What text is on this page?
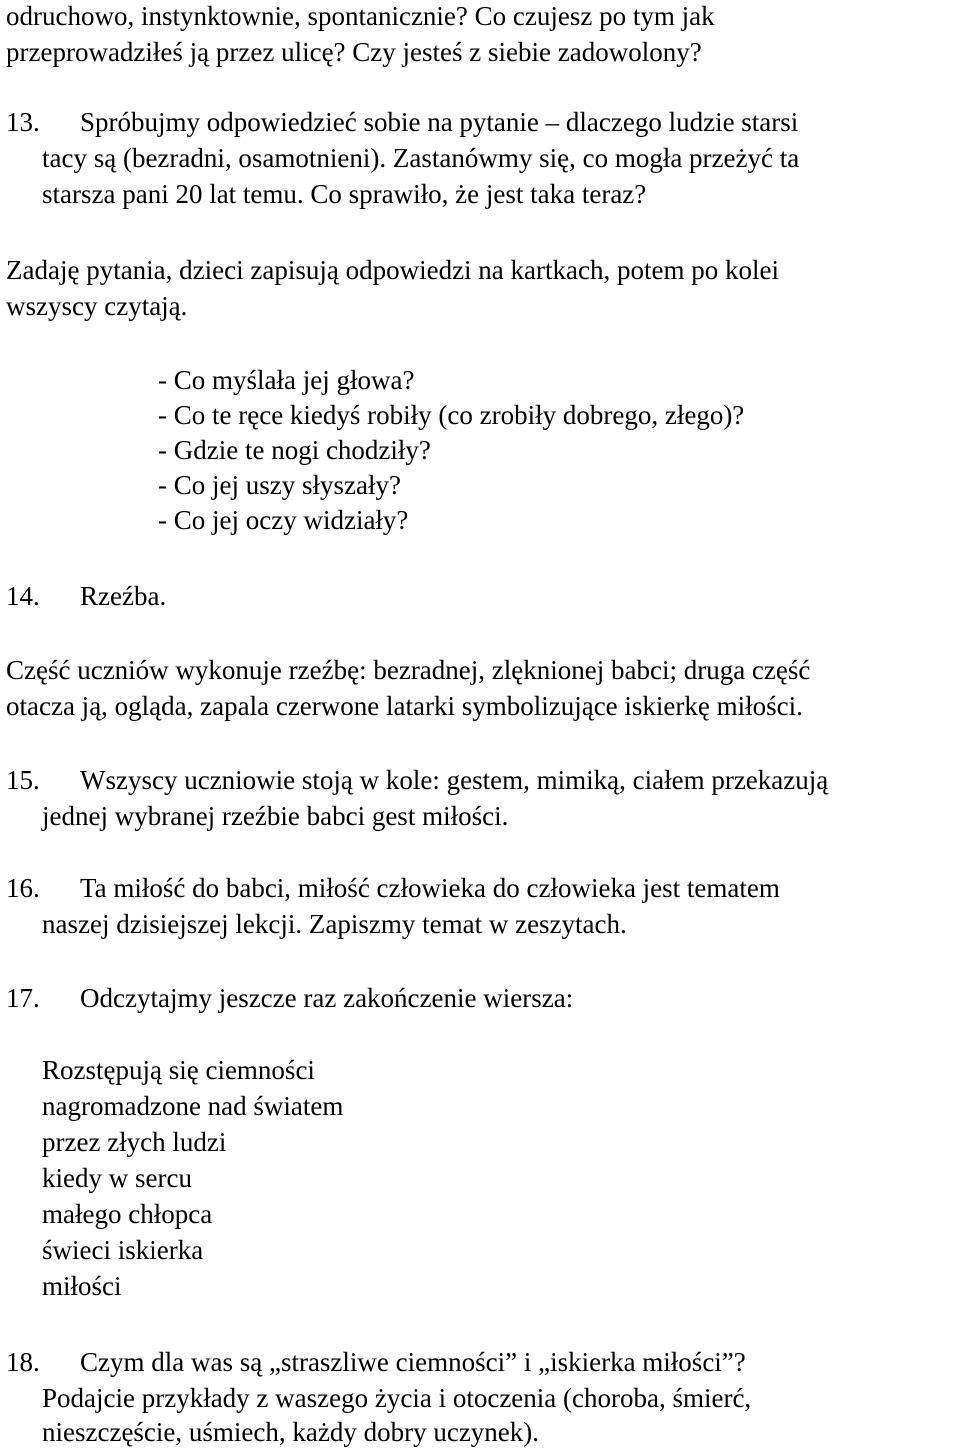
odruchowo, instynktownie, spontanicznie? Co czujesz po tym jak

przeprowadziłeś ją przez ulicę? Czy jesteś z siebie zadowolony?

13. Spróbujmy odpowiedzieć sobie na pytanie – dlaczego ludzie starsi

tacy są (bezradni, osamotnieni). Zastanówmy się, co mogła przeżyć ta

starsza pani 20 lat temu. Co sprawiło, że jest taka teraz?

Zadaję pytania, dzieci zapisują odpowiedzi na kartkach, potem po kolei

wszyscy czytają.

- Co myślała jej głowa?

- Co te ręce kiedyś robiły (co zrobiły dobrego, złego)?

- Gdzie te nogi chodziły?

- Co jej uszy słyszały?

- Co jej oczy widziały?

14. Rzeźba.

Część uczniów wykonuje rzeźbę: bezradnej, zlęknionej babci; druga część

otacza ją, ogląda, zapala czerwone latarki symbolizujące iskierkę miłości.

15. Wszyscy uczniowie stoją w kole: gestem, mimiką, ciałem przekazują

jednej wybranej rzeźbie babci gest miłości.

16. Ta miłość do babci, miłość człowieka do człowieka jest tematem

naszej dzisiejszej lekcji. Zapiszmy temat w zeszytach.

17. Odczytajmy jeszcze raz zakończenie wiersza:

Rozstępują się ciemności

nagromadzone nad światem

przez złych ludzi

kiedy w sercu

małego chłopca

świeci iskierka

miłości

18. Czym dla was są „straszliwe ciemności” i „iskierka miłości”?

Podajcie przykłady z waszego życia i otoczenia (choroba, śmierć,

nieszczęście, uśmiech, każdy dobry uczynek).
